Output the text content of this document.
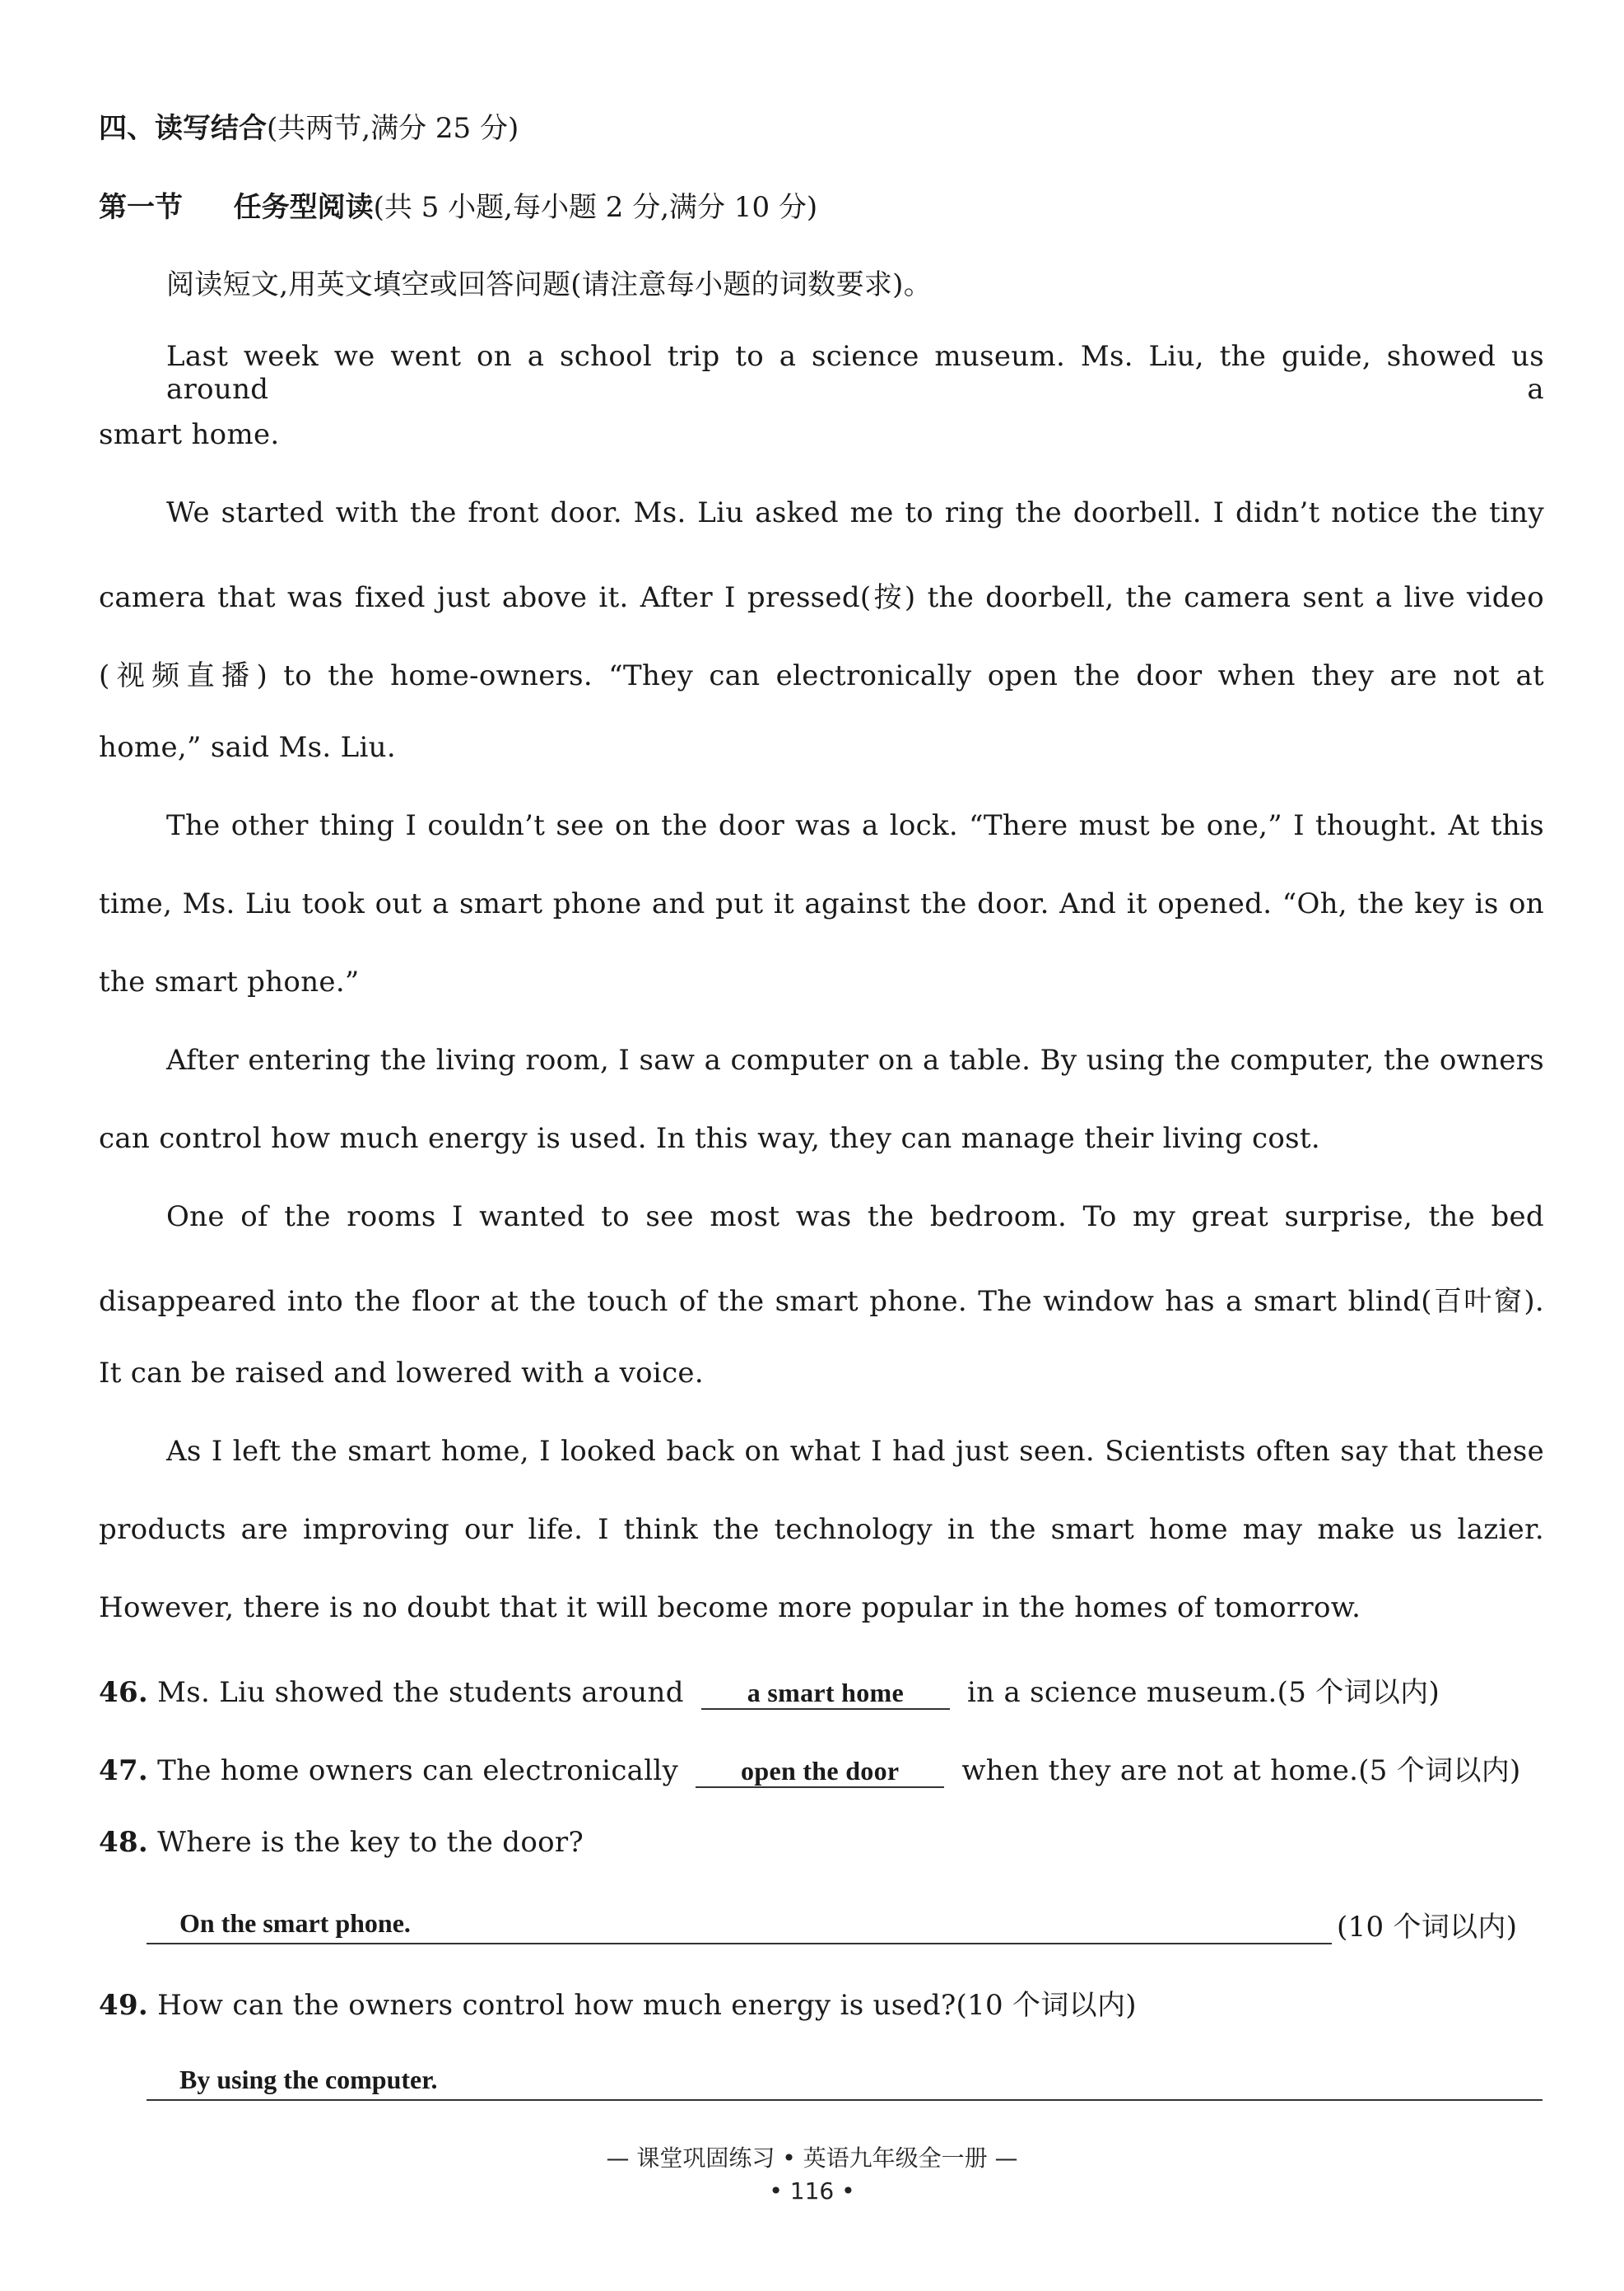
四、读写结合(共两节,满分 25 分)
第一节 任务型阅读(共 5 小题,每小题 2 分,满分 10 分)
阅读短文,用英文填空或回答问题(请注意每小题的词数要求)。
Last week we went on a school trip to a science museum. Ms. Liu, the guide, showed us around a
smart home.
We started with the front door. Ms. Liu asked me to ring the doorbell. I didn’t notice the tiny
camera that was fixed just above it. After I pressed(按) the doorbell, the camera sent a live video
(视频直播) to the home-owners. “They can electronically open the door when they are not at
home,” said Ms. Liu.
The other thing I couldn’t see on the door was a lock. “There must be one,” I thought. At this
time, Ms. Liu took out a smart phone and put it against the door. And it opened. “Oh, the key is on
the smart phone.”
After entering the living room, I saw a computer on a table. By using the computer, the owners
can control how much energy is used. In this way, they can manage their living cost.
One of the rooms I wanted to see most was the bedroom. To my great surprise, the bed
disappeared into the floor at the touch of the smart phone. The window has a smart blind(百叶窗).
It can be raised and lowered with a voice.
As I left the smart home, I looked back on what I had just seen. Scientists often say that these
products are improving our life. I think the technology in the smart home may make us lazier.
However, there is no doubt that it will become more popular in the homes of tomorrow.
46. Ms. Liu showed the students around a smart home in a science museum.(5 个词以内)
47. The home owners can electronically open the door when they are not at home.(5 个词以内)
48. Where is the key to the door?
On the smart phone.	(10 个词以内)
49. How can the owners control how much energy is used?(10 个词以内)
By using the computer.
— 课堂巩固练习 • 英语九年级全一册 —
• 116 •
